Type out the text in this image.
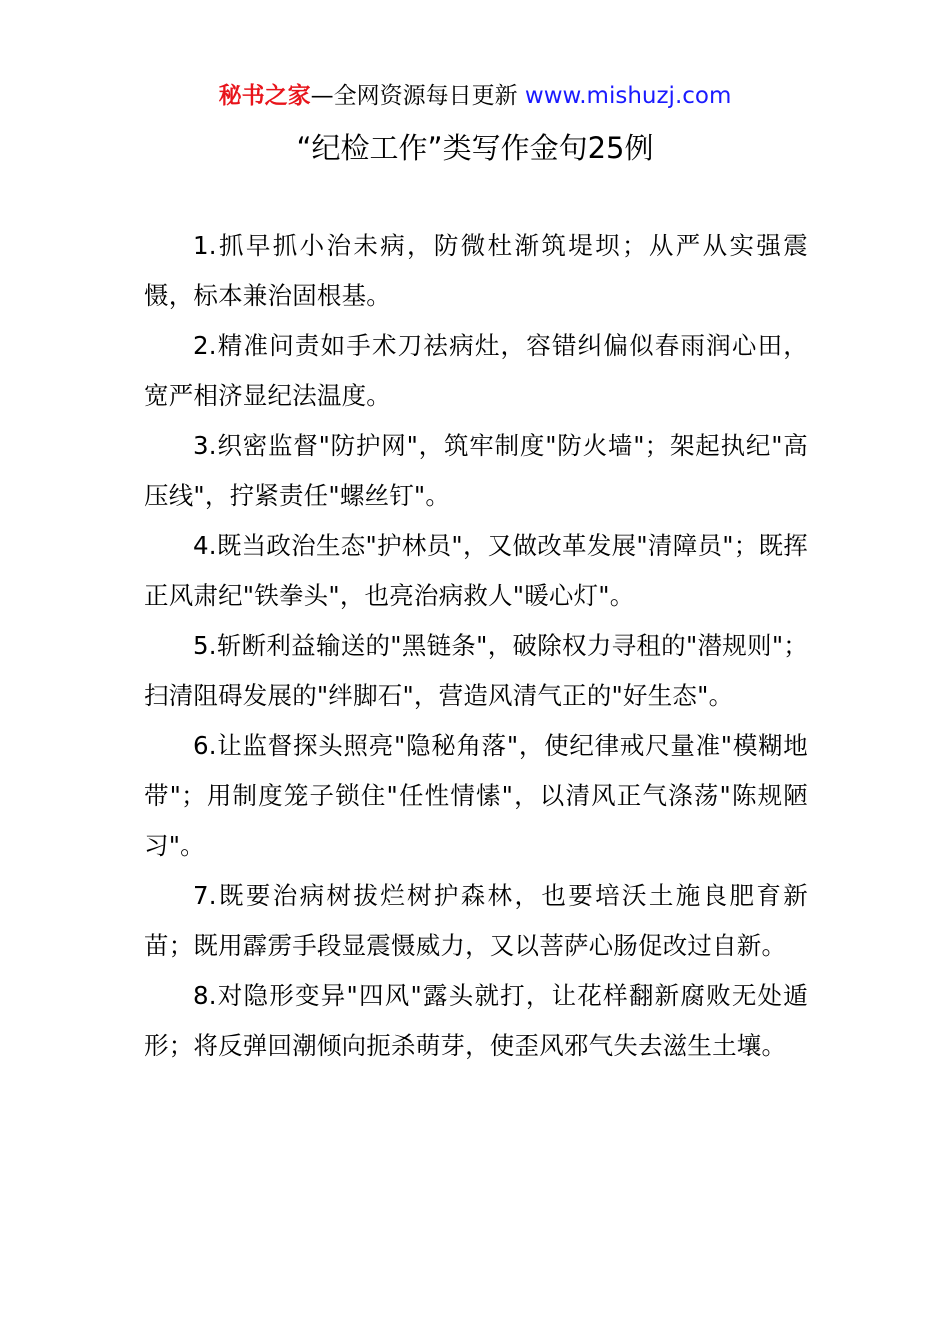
秘书之家—全网资源每日更新 www.mishuzj.com
“纪检工作”类写作金句25例

1.抓早抓小治未病，防微杜渐筑堤坝；从严从实强震慑，标本兼治固根基。

2.精准问责如手术刀祛病灶，容错纠偏似春雨润心田，宽严相济显纪法温度。

3.织密监督"防护网"，筑牢制度"防火墙"；架起执纪"高压线"，拧紧责任"螺丝钉"。

4.既当政治生态"护林员"，又做改革发展"清障员"；既挥正风肃纪"铁拳头"，也亮治病救人"暖心灯"。

5.斩断利益输送的"黑链条"，破除权力寻租的"潜规则"；扫清阻碍发展的"绊脚石"，营造风清气正的"好生态"。

6.让监督探头照亮"隐秘角落"，使纪律戒尺量准"模糊地带"；用制度笼子锁住"任性情愫"，以清风正气涤荡"陈规陋习"。

7.既要治病树拔烂树护森林，也要培沃土施良肥育新苗；既用霹雳手段显震慑威力，又以菩萨心肠促改过自新。

8.对隐形变异"四风"露头就打，让花样翻新腐败无处遁形；将反弹回潮倾向扼杀萌芽，使歪风邪气失去滋生土壤。
